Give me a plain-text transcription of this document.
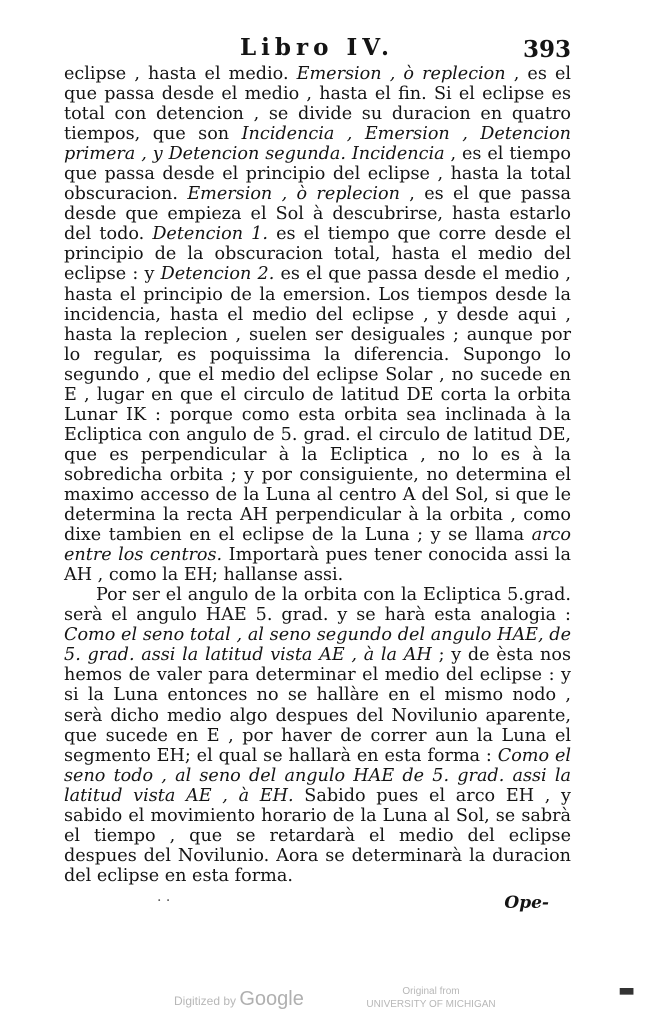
Libro IV.	393

eclipse , hasta el medio. Emersion , ò replecion , es el que passa desde el medio , hasta el fin. Si el eclipse es total con detencion , se divide su duracion en quatro tiempos, que son Incidencia , Emersion , Detencion primera , y Detencion segunda. Incidencia , es el tiempo que passa desde el principio del eclipse , hasta la total obscuracion. Emersion , ò replecion , es el que passa desde que empieza el Sol à descubrirse, hasta estarlo del todo. Detencion 1. es el tiempo que corre desde el principio de la obscuracion total, hasta el medio del eclipse : y Detencion 2. es el que passa desde el medio , hasta el principio de la emersion. Los tiempos desde la incidencia, hasta el medio del eclipse , y desde aqui , hasta la replecion , suelen ser desiguales ; aunque por lo regular, es poquissima la diferencia. Supongo lo segundo , que el medio del eclipse Solar , no sucede en E , lugar en que el circulo de latitud DE corta la orbita Lunar IK : porque como esta orbita sea inclinada à la Ecliptica con angulo de 5. grad. el circulo de latitud DE, que es perpendicular à la Ecliptica , no lo es à la sobredicha orbita ; y por consiguiente, no determina el maximo accesso de la Luna al centro A del Sol, si que le determina la recta AH perpendicular à la orbita , como dixe tambien en el eclipse de la Luna ; y se llama arco entre los centros. Importarà pues tener conocida assi la AH , como la EH; hallanse assi.

Por ser el angulo de la orbita con la Ecliptica 5.grad. serà el angulo HAE 5. grad. y se harà esta analogia : Como el seno total , al seno segundo del angulo HAE, de 5. grad. assi la latitud vista AE , à la AH ; y de èsta nos hemos de valer para determinar el medio del eclipse : y si la Luna entonces no se hallàre en el mismo nodo , serà dicho medio algo despues del Novilunio aparente, que sucede en E , por haver de correr aun la Luna el segmento EH; el qual se hallarà en esta forma : Como el seno todo , al seno del angulo HAE de 5. grad. assi la latitud vista AE , à EH. Sabido pues el arco EH , y sabido el movimiento horario de la Luna al Sol, se sabrà el tiempo , que se retardarà el medio del eclipse despues del Novilunio. Aora se determinarà la duracion del eclipse en esta forma.

· ·	Ope-
Digitized by Google	Original from
UNIVERSITY OF MICHIGAN
▬
